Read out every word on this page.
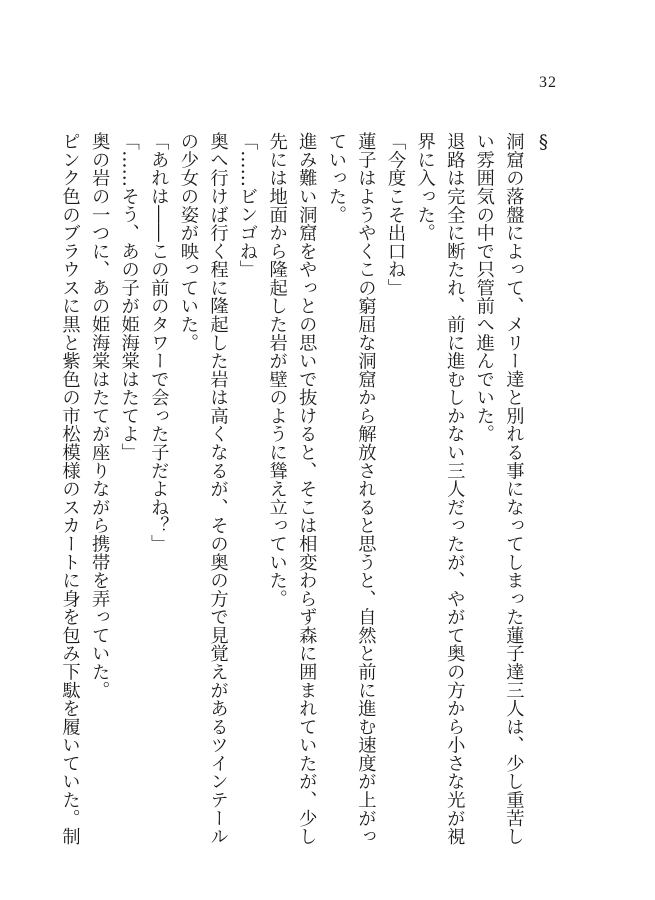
32
§
洞窟の落盤によって、メリー達と別れる事になってしまった蓮子達三人は、少し重苦し
い雰囲気の中で只管前へ進んでいた。
退路は完全に断たれ、前に進むしかない三人だったが、やがて奥の方から小さな光が視
界に入った。
「今度こそ出口ね」
蓮子はようやくこの窮屈な洞窟から解放されると思うと、自然と前に進む速度が上がっ
ていった。
進み難い洞窟をやっとの思いで抜けると、そこは相変わらず森に囲まれていたが、少し
先には地面から隆起した岩が壁のように聳え立っていた。
「……ビンゴね」
奥へ行けば行く程に隆起した岩は高くなるが、その奥の方で見覚えがあるツインテール
の少女の姿が映っていた。
「あれは――この前のタワーで会った子だよね？」
「……そう、あの子が姫海棠はたてよ」
奥の岩の一つに、あの姫海棠はたてが座りながら携帯を弄っていた。
ピンク色のブラウスに黒と紫色の市松模様のスカートに身を包み下駄を履いていた。制
